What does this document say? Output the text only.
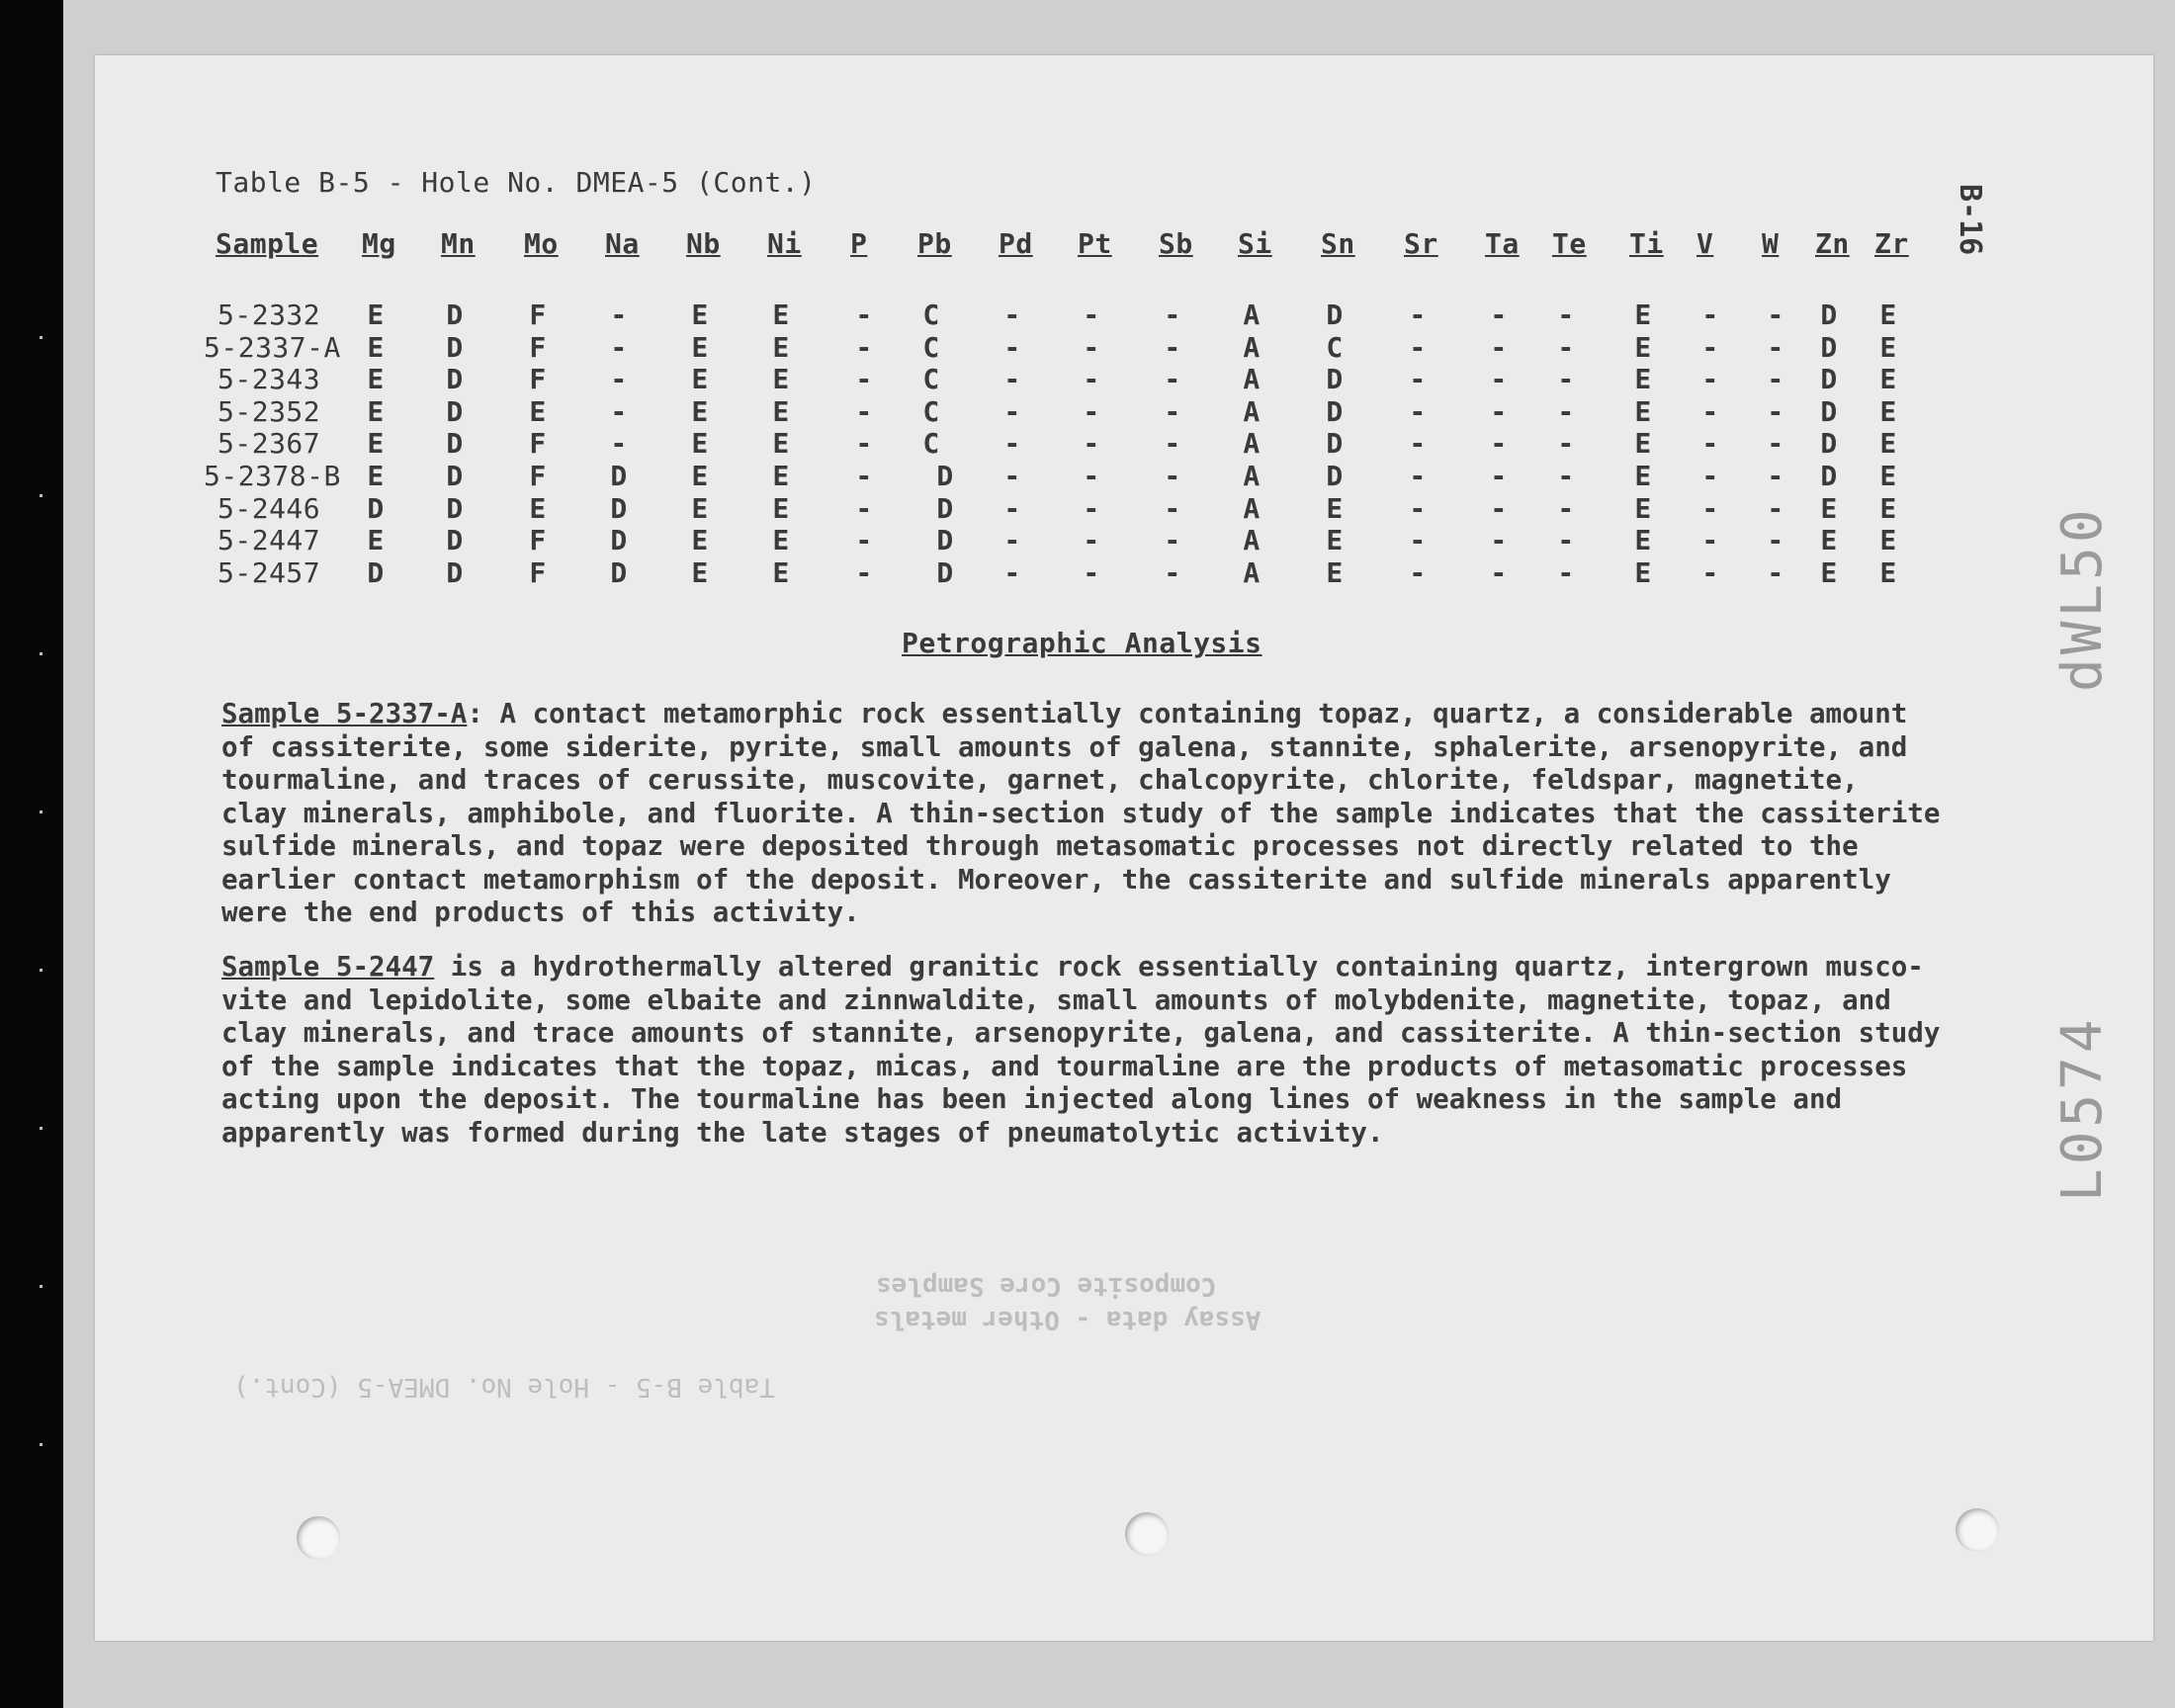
Table B-5 - Hole No. DMEA-5 (Cont.)
Assay data - Other metals
Composite Core Samples
Table B-5 - Hole No. DMEA-5 (Cont.)
B-16
dWL50
L0574
Sample Mg Mn Mo Na Nb Ni P Pb Pd Pt Sb Si Sn Sr Ta Te Ti V W Zn Zr
5-2332	E	D	F	-	E	E	-	C	-	-	-	A	D	-	-	-	E	-	-	D	E
5-2337-A E	D	F	-	E	E	-	C	-	-	-	A	C	-	-	-	E	-	-	D	E
5-2343	E	D	F	-	E	E	-	C	-	-	-	A	D	-	-	-	E	-	-	D	E
5-2352	E	D	E	-	E	E	-	C	-	-	-	A	D	-	-	-	E	-	-	D	E
5-2367	E	D	F	-	E	E	-	C	-	-	-	A	D	-	-	-	E	-	-	D	E
5-2378-B E	D	F	D	E	E	-	D	-	-	-	A	D	-	-	-	E	-	-	D	E
5-2446	D	D	E	D	E	E	-	D	-	-	-	A	E	-	-	-	E	-	-	E	E
5-2447	E	D	F	D	E	E	-	D	-	-	-	A	E	-	-	-	E	-	-	E	E
5-2457	D	D	F	D	E	E	-	D	-	-	-	A	E	-	-	-	E	-	-	E	E
Petrographic Analysis
Sample 5-2337-A: A contact metamorphic rock essentially containing topaz, quartz, a considerable amount
of cassiterite, some siderite, pyrite, small amounts of galena, stannite, sphalerite, arsenopyrite, and
tourmaline, and traces of cerussite, muscovite, garnet, chalcopyrite, chlorite, feldspar, magnetite,
clay minerals, amphibole, and fluorite. A thin-section study of the sample indicates that the cassiterite
sulfide minerals, and topaz were deposited through metasomatic processes not directly related to the
earlier contact metamorphism of the deposit. Moreover, the cassiterite and sulfide minerals apparently
were the end products of this activity.
Sample 5-2447 is a hydrothermally altered granitic rock essentially containing quartz, intergrown musco-
vite and lepidolite, some elbaite and zinnwaldite, small amounts of molybdenite, magnetite, topaz, and
clay minerals, and trace amounts of stannite, arsenopyrite, galena, and cassiterite. A thin-section study
of the sample indicates that the topaz, micas, and tourmaline are the products of metasomatic processes
acting upon the deposit. The tourmaline has been injected along lines of weakness in the sample and
apparently was formed during the late stages of pneumatolytic activity.
